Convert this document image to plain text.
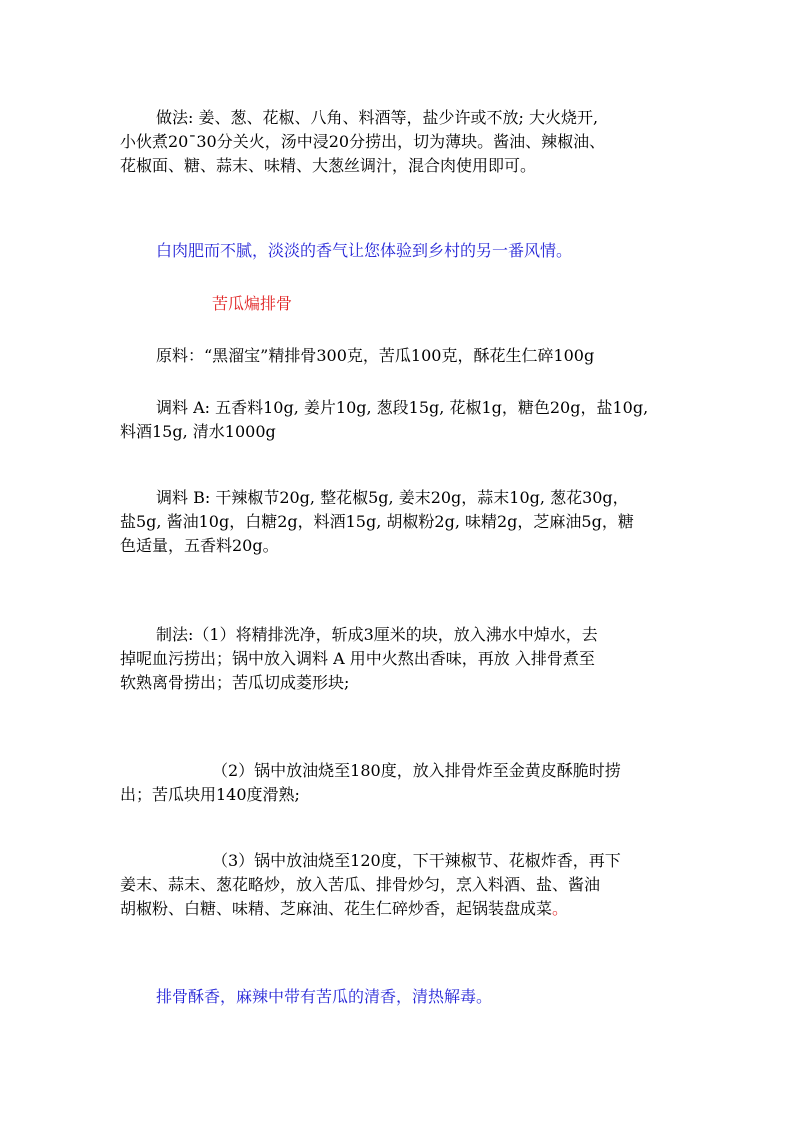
做法: 姜、葱、花椒、八角、料酒等，盐少许或不放; 大火烧开,
小伙煮20¯30分关火，汤中浸20分捞出，切为薄块。酱油、辣椒油、
花椒面、糖、蒜末、味精、大葱丝调汁，混合肉使用即可。
白肉肥而不腻，淡淡的香气让您体验到乡村的另一番风情。
苦瓜煸排骨
原料：“黑溜宝”精排骨300克，苦瓜100克，酥花生仁碎100g
调料 A: 五香料10g, 姜片10g, 葱段15g, 花椒1g，糖色20g，盐10g,
料酒15g, 清水1000g
调料 B: 干辣椒节20g, 整花椒5g, 姜末20g，蒜末10g, 葱花30g，
盐5g, 酱油10g，白糖2g，料酒15g, 胡椒粉2g, 味精2g，芝麻油5g，糖
色适量，五香料20g。
制法:（1）将精排洗净，斩成3厘米的块，放入沸水中焯水，去
掉呢血污捞出；锅中放入调料 A 用中火熬出香味，再放 入排骨煮至
软熟离骨捞出；苦瓜切成菱形块;
（2）锅中放油烧至180度，放入排骨炸至金黄皮酥脆时捞
出；苦瓜块用140度滑熟;
（3）锅中放油烧至120度，下干辣椒节、花椒炸香，再下
姜末、蒜末、葱花略炒，放入苦瓜、排骨炒匀，烹入料酒、盐、酱油
胡椒粉、白糖、味精、芝麻油、花生仁碎炒香，起锅装盘成菜。
排骨酥香，麻辣中带有苦瓜的清香，清热解毒。
